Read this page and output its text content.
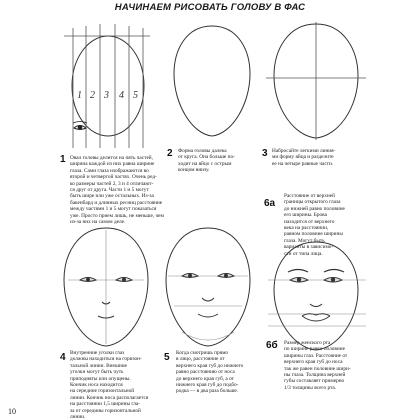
НАЧИНАЕМ РИСОВАТЬ ГОЛОВУ В ФАС
1 2 3 4 5
1 Овал головы делится на пять частей,
ширина каждой из них равна ширине
глаза. Сами глаза изображаются во
второй и четвертой частях. Очень ред-
ко размеры частей 2, 3 и 4 отличают-
ся друг от друга. Части 1 и 5 могут
быть шире или уже остальных. Из-за
бакенбард и длинных ресниц расстояние
между частями 1 и 5 могут показаться
уже. Просто прием лишь, не меньше, чем
из-за них на самом деле.
2 Форма головы далека
от круга. Она больше по-
ходит на яйцо с острым
концом внизу.
3 Набросайте легкими линия-
ми форму яйца и разделите
ее на четыре равные части.
6а
Расстояние от верхней
границы открытого глаза
до нижней равно половине
его ширины. Брова
находится от верхнего
века на расстоянии,
равном половине ширины
глаза. Могут быть
варианты в зависимо-
сти от типа лица.
4 Внутренние уголки глаз
должны находиться на горизон-
тальной линии. Внешние
уголки могут быть чуть
приподняты или опущены.
Кончик носа находится
на середине горизонтальной
линии. Кончик носа располагается
на расстоянии 1,5 ширины гла-
за от середины горизонтальной
линии.
5 Когда смотришь прямо
в лицо, расстояние от
верхнего края губ до нижнего
равно расстоянию от носа
до верхнего края губ, а от
нижнего края губ до подбо-
родка — в два раза больше.
6б Размер женского рта
по ширине равен половине
ширины глаз. Расстояние от
верхнего края губ до носа
так же равен половине шири-
ны глаза. Толщина верхней
губы составляет примерно
1/3 толщины всего рта.
10
